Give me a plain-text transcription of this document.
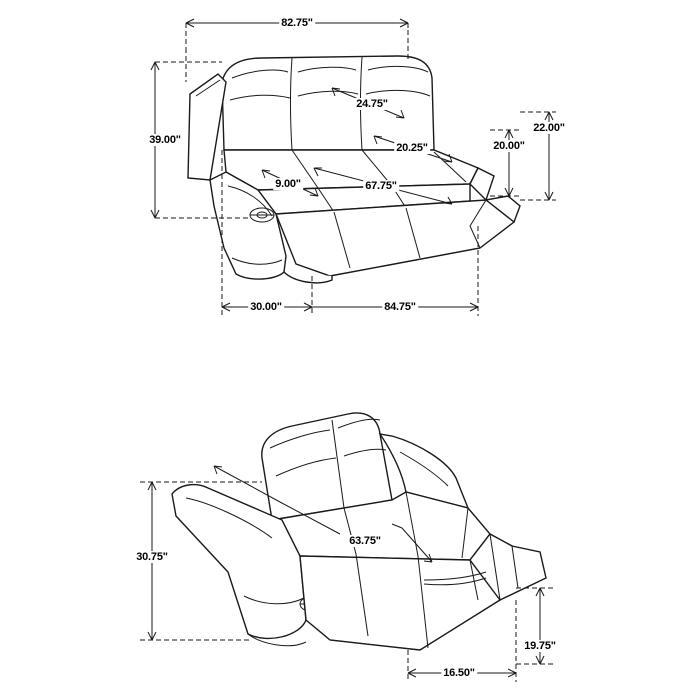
82.75"
39.00"
24.75"
20.25"
22.00"
20.00"
9.00"	67.75"
30.00"	84.75"
30.75"
63.75"
19.75"
16.50"
